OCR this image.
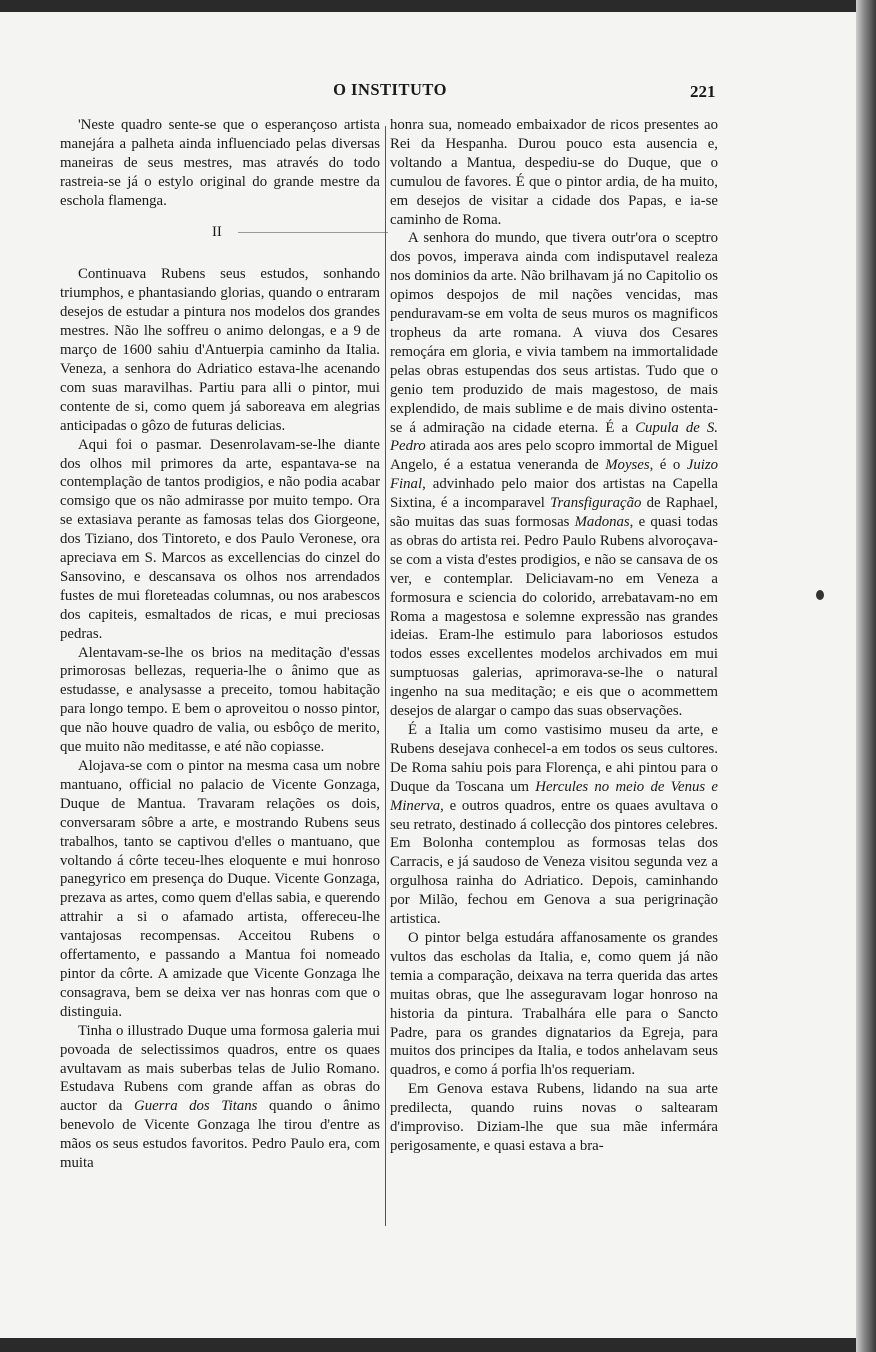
O INSTITUTO	221

'Neste quadro sente-se que o esperançoso artista manejára a palheta ainda influenciado pelas diversas maneiras de seus mestres, mas através do todo rastreia-se já o estylo original do grande mestre da eschola flamenga.

II

Continuava Rubens seus estudos, sonhando triumphos, e phantasiando glorias, quando o entraram desejos de estudar a pintura nos modelos dos grandes mestres. Não lhe soffreu o animo delongas, e a 9 de março de 1600 sahiu d'Antuerpia caminho da Italia. Veneza, a senhora do Adriatico estava-lhe acenando com suas maravilhas. Partiu para alli o pintor, mui contente de si, como quem já saboreava em alegrias anticipadas o gôzo de futuras delicias.

Aqui foi o pasmar. Desenrolavam-se-lhe diante dos olhos mil primores da arte, espantava-se na contemplação de tantos prodigios, e não podia acabar comsigo que os não admirasse por muito tempo. Ora se extasiava perante as famosas telas dos Giorgeone, dos Tiziano, dos Tintoreto, e dos Paulo Veronese, ora apreciava em S. Marcos as excellencias do cinzel do Sansovino, e descansava os olhos nos arrendados fustes de mui floreteadas columnas, ou nos arabescos dos capiteis, esmaltados de ricas, e mui preciosas pedras.

Alentavam-se-lhe os brios na meditação d'essas primorosas bellezas, requeria-lhe o ânimo que as estudasse, e analysasse a preceito, tomou habitação para longo tempo. E bem o aproveitou o nosso pintor, que não houve quadro de valia, ou esbôço de merito, que muito não meditasse, e até não copiasse.

Alojava-se com o pintor na mesma casa um nobre mantuano, official no palacio de Vicente Gonzaga, Duque de Mantua. Travaram relações os dois, conversaram sôbre a arte, e mostrando Rubens seus trabalhos, tanto se captivou d'elles o mantuano, que voltando á côrte teceu-lhes eloquente e mui honroso panegyrico em presença do Duque. Vicente Gonzaga, prezava as artes, como quem d'ellas sabia, e querendo attrahir a si o afamado artista, offereceu-lhe vantajosas recompensas. Acceitou Rubens o offertamento, e passando a Mantua foi nomeado pintor da côrte. A amizade que Vicente Gonzaga lhe consagrava, bem se deixa ver nas honras com que o distinguia.

Tinha o illustrado Duque uma formosa galeria mui povoada de selectissimos quadros, entre os quaes avultavam as mais suberbas telas de Julio Romano. Estudava Rubens com grande affan as obras do auctor da Guerra dos Titans quando o ânimo benevolo de Vicente Gonzaga lhe tirou d'entre as mãos os seus estudos favoritos. Pedro Paulo era, com muita

honra sua, nomeado embaixador de ricos presentes ao Rei da Hespanha. Durou pouco esta ausencia e, voltando a Mantua, despediu-se do Duque, que o cumulou de favores. É que o pintor ardia, de ha muito, em desejos de visitar a cidade dos Papas, e ia-se caminho de Roma.

A senhora do mundo, que tivera outr'ora o sceptro dos povos, imperava ainda com indisputavel realeza nos dominios da arte. Não brilhavam já no Capitolio os opimos despojos de mil nações vencidas, mas penduravam-se em volta de seus muros os magnificos tropheus da arte romana. A viuva dos Cesares remoçára em gloria, e vivia tambem na immortalidade pelas obras estupendas dos seus artistas. Tudo que o genio tem produzido de mais magestoso, de mais explendido, de mais sublime e de mais divino ostenta-se á admiração na cidade eterna. É a Cupula de S. Pedro atirada aos ares pelo scopro immortal de Miguel Angelo, é a estatua veneranda de Moyses, é o Juizo Final, advinhado pelo maior dos artistas na Capella Sixtina, é a incomparavel Transfiguração de Raphael, são muitas das suas formosas Madonas, e quasi todas as obras do artista rei. Pedro Paulo Rubens alvoroçava-se com a vista d'estes prodigios, e não se cansava de os ver, e contemplar. Deliciavam-no em Veneza a formosura e sciencia do colorido, arrebatavam-no em Roma a magestosa e solemne expressão nas grandes ideias. Eram-lhe estimulo para laboriosos estudos todos esses excellentes modelos archivados em mui sumptuosas galerias, aprimorava-se-lhe o natural ingenho na sua meditação; e eis que o acommettem desejos de alargar o campo das suas observações.

É a Italia um como vastisimo museu da arte, e Rubens desejava conhecel-a em todos os seus cultores. De Roma sahiu pois para Florença, e ahi pintou para o Duque da Toscana um Hercules no meio de Venus e Minerva, e outros quadros, entre os quaes avultava o seu retrato, destinado á collecção dos pintores celebres. Em Bolonha contemplou as formosas telas dos Carracis, e já saudoso de Veneza visitou segunda vez a orgulhosa rainha do Adriatico. Depois, caminhando por Milão, fechou em Genova a sua perigrinação artistica.

O pintor belga estudára affanosamente os grandes vultos das escholas da Italia, e, como quem já não temia a comparação, deixava na terra querida das artes muitas obras, que lhe asseguravam logar honroso na historia da pintura. Trabalhára elle para o Sancto Padre, para os grandes dignatarios da Egreja, para muitos dos principes da Italia, e todos anhelavam seus quadros, e como á porfia lh'os requeriam.

Em Genova estava Rubens, lidando na sua arte predilecta, quando ruins novas o saltearam d'improviso. Diziam-lhe que sua mãe infermára perigosamente, e quasi estava a bra-
